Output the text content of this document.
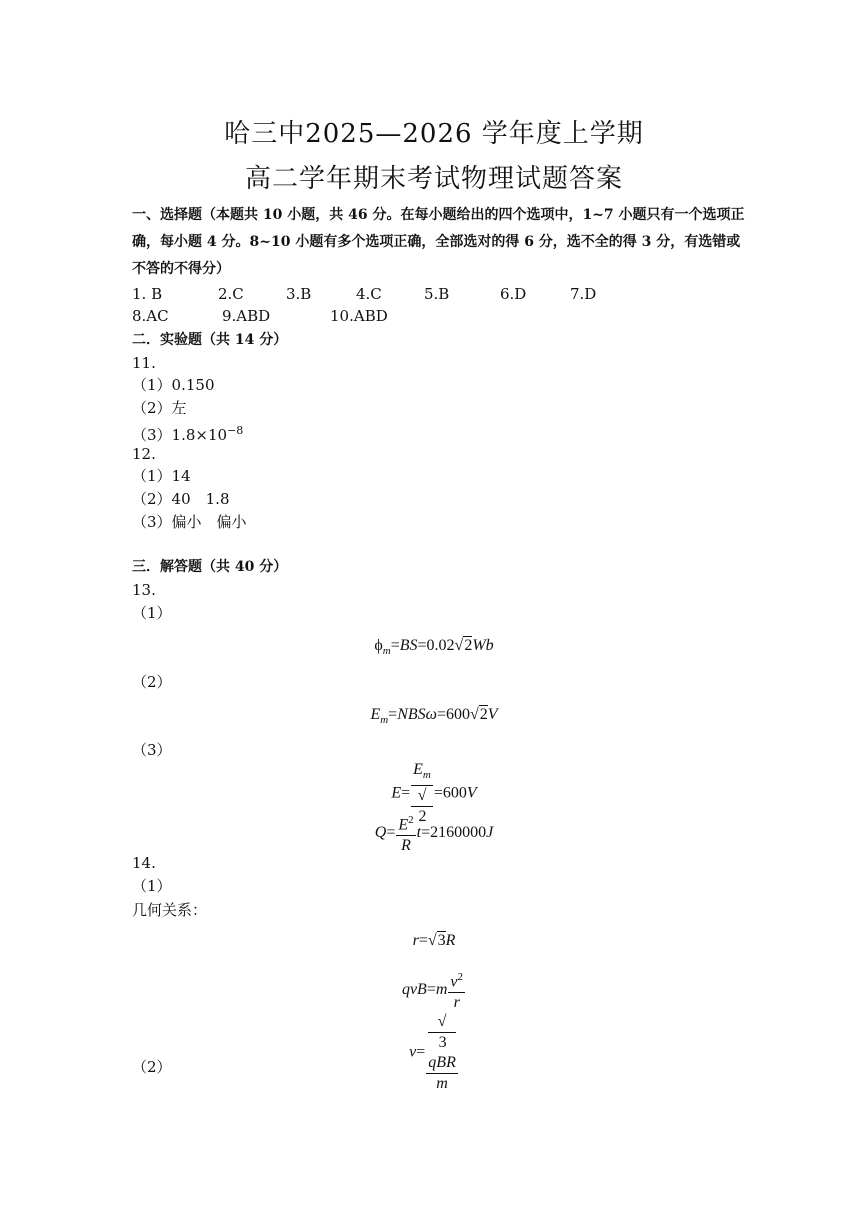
哈三中2025—2026 学年度上学期
高二学年期末考试物理试题答案
一、选择题（本题共 10 小题，共 46 分。在每小题给出的四个选项中，1~7 小题只有一个选项正确，每小题 4 分。8~10 小题有多个选项正确，全部选对的得 6 分，选不全的得 3 分，有选错或不答的不得分）
1. B	2.C	3.B	4.C	5.B	6.D	7.D
8.AC	9.ABD	10.ABD
二．实验题（共 14 分）
11.
（1）0.150
（2）左
$(3)1.8\times 10^{-8}$
12.
（1）14
（2）40　1.8
（3）偏小　偏小
三．解答题（共 40 分）
13.
（1）
$\phi_m=BS=0.02√2Wb$
（2）
$E_m=NBS\omega=600√2V$
（3）
$E= E_m$
√
2 =600V
$Q= \frac{E^2}{R} t=2160000J$
14.
（1）
几何关系：
r=√3R
$qvB=m \frac{v^2}{r}$
v= √
3
qBR
m
（2）
